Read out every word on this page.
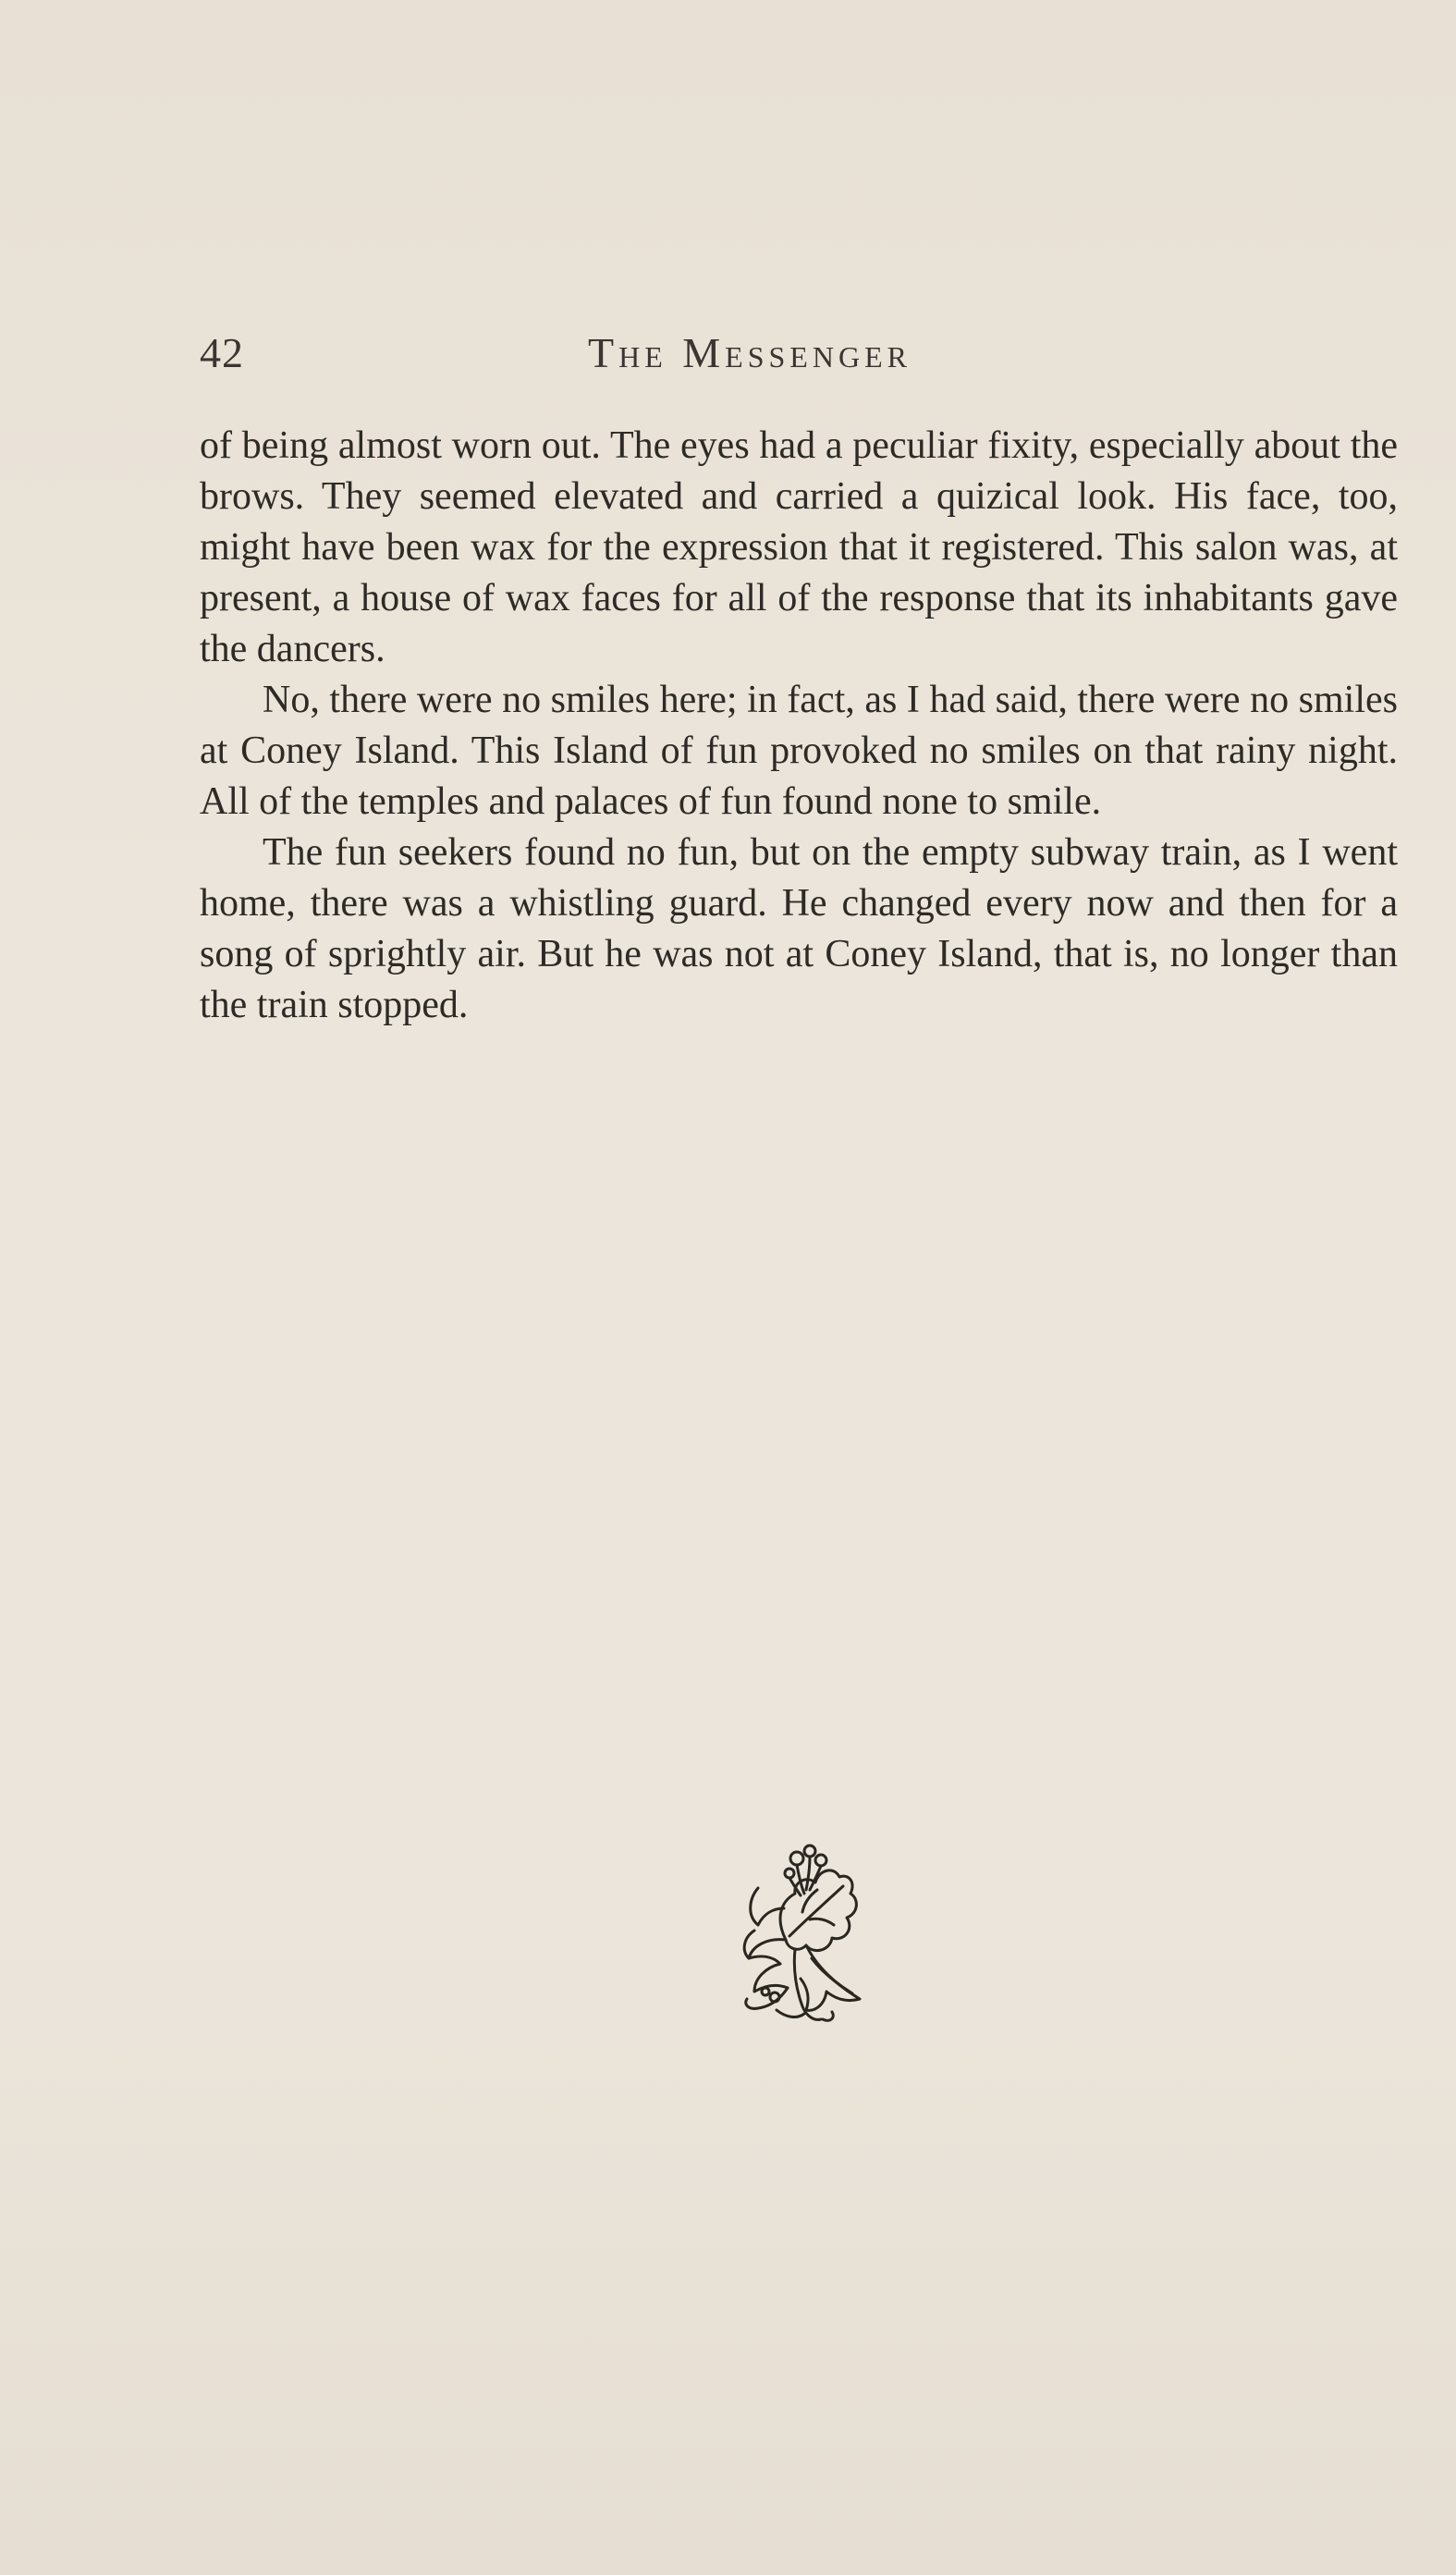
42	The Messenger

of being almost worn out. The eyes had a peculiar fixity, especially about the brows. They seemed elevated and carried a quizical look. His face, too, might have been wax for the expression that it registered. This salon was, at present, a house of wax faces for all of the response that its inhabitants gave the dancers.

No, there were no smiles here; in fact, as I had said, there were no smiles at Coney Island. This Island of fun provoked no smiles on that rainy night. All of the temples and palaces of fun found none to smile.

The fun seekers found no fun, but on the empty subway train, as I went home, there was a whistling guard. He changed every now and then for a song of sprightly air. But he was not at Coney Island, that is, no longer than the train stopped.
